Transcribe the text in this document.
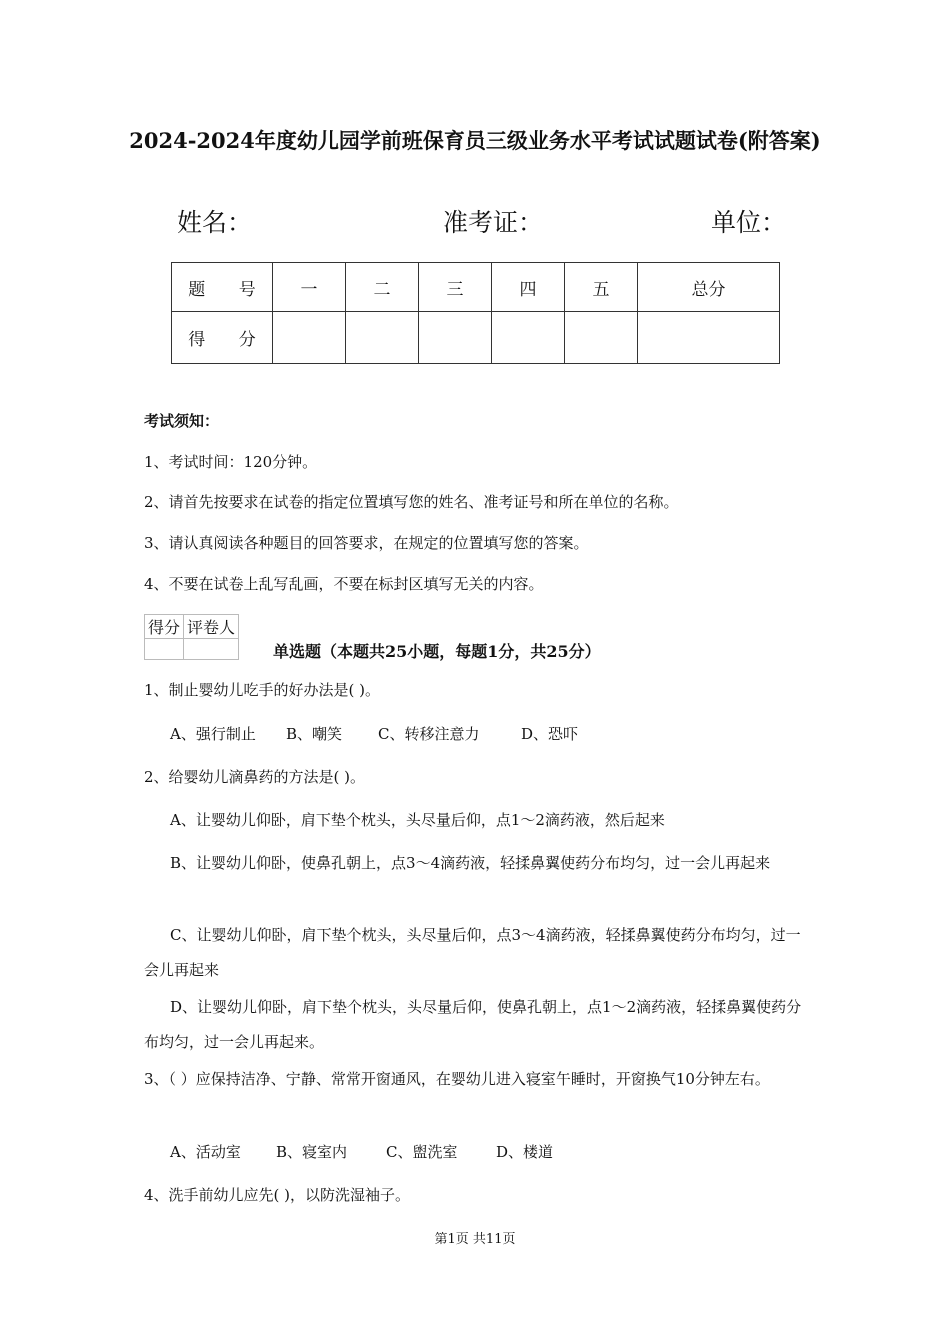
2024-2024年度幼儿园学前班保育员三级业务水平考试试题试卷(附答案)
姓名：	准考证：	单位：
题 号	一	二	三	四	五	总分
得 分						
考试须知：
1、考试时间：120分钟。
2、请首先按要求在试卷的指定位置填写您的姓名、准考证号和所在单位的名称。
3、请认真阅读各种题目的回答要求，在规定的位置填写您的答案。
4、不要在试卷上乱写乱画，不要在标封区填写无关的内容。
得分	评卷人

单选题（本题共25小题，每题1分，共25分）
1、制止婴幼儿吃手的好办法是( )。
A、强行制止 B、嘲笑 C、转移注意力	D、恐吓
2、给婴幼儿滴鼻药的方法是( )。
A、让婴幼儿仰卧，肩下垫个枕头，头尽量后仰，点1～2滴药液，然后起来
B、让婴幼儿仰卧，使鼻孔朝上，点3～4滴药液，轻揉鼻翼使药分布均匀，过一会儿再起来
C、让婴幼儿仰卧，肩下垫个枕头，头尽量后仰，点3～4滴药液，轻揉鼻翼使药分布均匀，过一会儿再起来
D、让婴幼儿仰卧，肩下垫个枕头，头尽量后仰，使鼻孔朝上，点1～2滴药液，轻揉鼻翼使药分布均匀，过一会儿再起来。
3、（ ）应保持洁净、宁静、常常开窗通风，在婴幼儿进入寝室午睡时，开窗换气10分钟左右。
A、活动室 B、寝室内	C、盥洗室	D、楼道
4、洗手前幼儿应先( )，以防洗湿袖子。
第1页 共11页
